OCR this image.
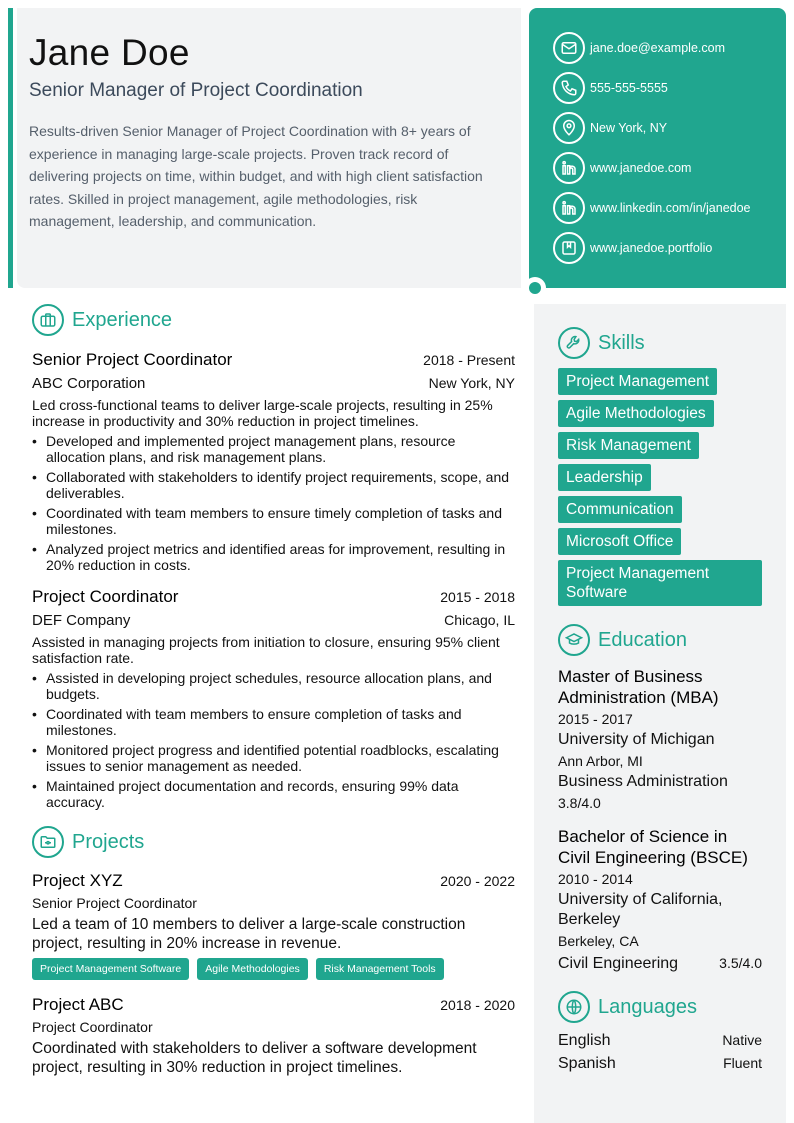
Jane Doe
Senior Manager of Project Coordination
Results-driven Senior Manager of Project Coordination with 8+ years of experience in managing large-scale projects. Proven track record of delivering projects on time, within budget, and with high client satisfaction rates. Skilled in project management, agile methodologies, risk management, leadership, and communication.
jane.doe@example.com
555-555-5555
New York, NY
www.janedoe.com
www.linkedin.com/in/janedoe
www.janedoe.portfolio
Experience
Senior Project Coordinator	2018 - Present
ABC Corporation	New York, NY
Led cross-functional teams to deliver large-scale projects, resulting in 25% increase in productivity and 30% reduction in project timelines.
• Developed and implemented project management plans, resource allocation plans, and risk management plans.
• Collaborated with stakeholders to identify project requirements, scope, and deliverables.
• Coordinated with team members to ensure timely completion of tasks and milestones.
• Analyzed project metrics and identified areas for improvement, resulting in 20% reduction in costs.
Project Coordinator	2015 - 2018
DEF Company	Chicago, IL
Assisted in managing projects from initiation to closure, ensuring 95% client satisfaction rate.
• Assisted in developing project schedules, resource allocation plans, and budgets.
• Coordinated with team members to ensure completion of tasks and milestones.
• Monitored project progress and identified potential roadblocks, escalating issues to senior management as needed.
• Maintained project documentation and records, ensuring 99% data accuracy.
Projects
Project XYZ	2020 - 2022
Senior Project Coordinator
Led a team of 10 members to deliver a large-scale construction project, resulting in 20% increase in revenue.
Project Management Software	Agile Methodologies	Risk Management Tools
Project ABC	2018 - 2020
Project Coordinator
Coordinated with stakeholders to deliver a software development project, resulting in 30% reduction in project timelines.
Skills
Project Management
Agile Methodologies
Risk Management
Leadership
Communication
Microsoft Office
Project Management Software
Education
Master of Business Administration (MBA)
2015 - 2017
University of Michigan
Ann Arbor, MI
Business Administration
3.8/4.0
Bachelor of Science in Civil Engineering (BSCE)
2010 - 2014
University of California, Berkeley
Berkeley, CA
Civil Engineering	3.5/4.0
Languages
English	Native
Spanish	Fluent
